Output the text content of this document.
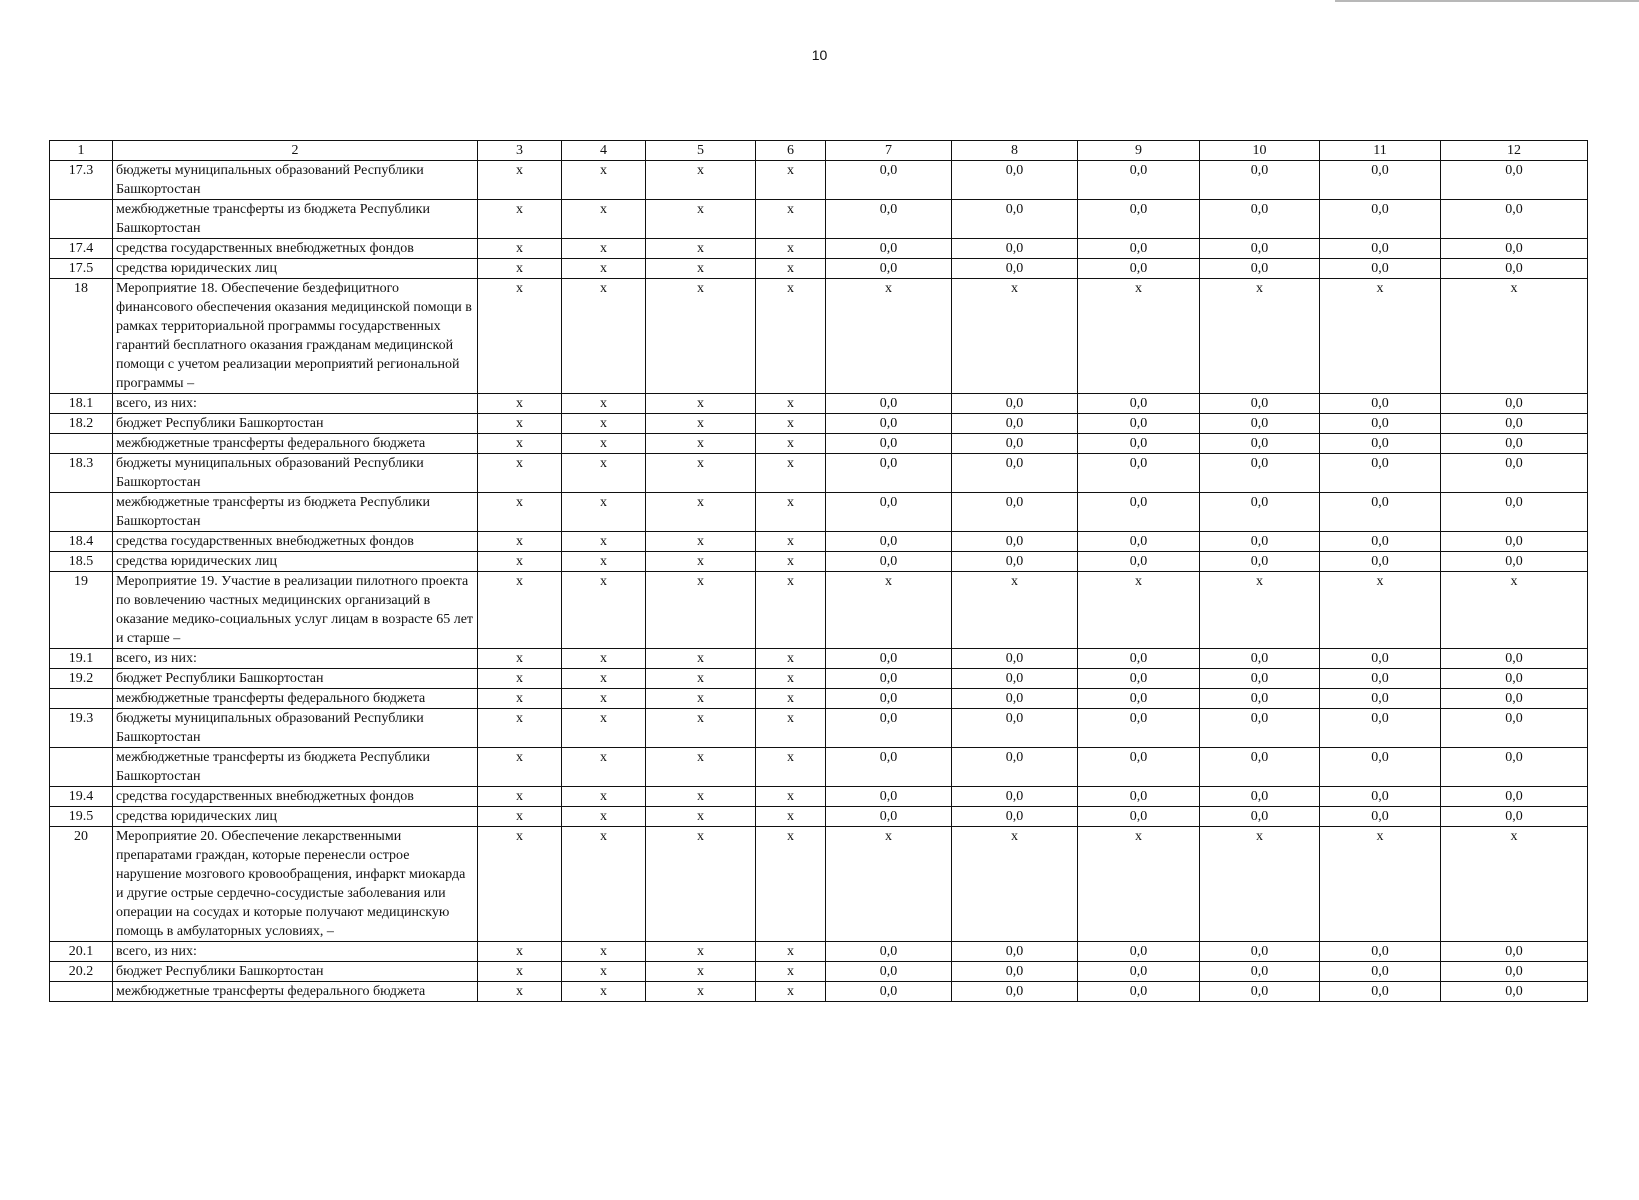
10
1	2	3	4	5	6	7	8	9	10	11	12
17.3	бюджеты муниципальных образований Республики Башкортостан	х	х	х	х	0,0	0,0	0,0	0,0	0,0	0,0
	межбюджетные трансферты из бюджета Республики Башкортостан	х	х	х	х	0,0	0,0	0,0	0,0	0,0	0,0
17.4	средства государственных внебюджетных фондов	х	х	х	х	0,0	0,0	0,0	0,0	0,0	0,0
17.5	средства юридических лиц	х	х	х	х	0,0	0,0	0,0	0,0	0,0	0,0
18	Мероприятие 18. Обеспечение бездефицитного финансового обеспечения оказания медицинской помощи в рамках территориальной программы государственных гарантий бесплатного оказания гражданам медицинской помощи с учетом реализации мероприятий региональной программы –	х	х	х	х	х	х	х	х	х	х
18.1	всего, из них:	х	х	х	х	0,0	0,0	0,0	0,0	0,0	0,0
18.2	бюджет Республики Башкортостан	х	х	х	х	0,0	0,0	0,0	0,0	0,0	0,0
	межбюджетные трансферты федерального бюджета	х	х	х	х	0,0	0,0	0,0	0,0	0,0	0,0
18.3	бюджеты муниципальных образований Республики Башкортостан	х	х	х	х	0,0	0,0	0,0	0,0	0,0	0,0
	межбюджетные трансферты из бюджета Республики Башкортостан	х	х	х	х	0,0	0,0	0,0	0,0	0,0	0,0
18.4	средства государственных внебюджетных фондов	х	х	х	х	0,0	0,0	0,0	0,0	0,0	0,0
18.5	средства юридических лиц	х	х	х	х	0,0	0,0	0,0	0,0	0,0	0,0
19	Мероприятие 19. Участие в реализации пилотного проекта по вовлечению частных медицинских организаций в оказание медико-социальных услуг лицам в возрасте 65 лет и старше –	х	х	х	х	х	х	х	х	х	х
19.1	всего, из них:	х	х	х	х	0,0	0,0	0,0	0,0	0,0	0,0
19.2	бюджет Республики Башкортостан	х	х	х	х	0,0	0,0	0,0	0,0	0,0	0,0
	межбюджетные трансферты федерального бюджета	х	х	х	х	0,0	0,0	0,0	0,0	0,0	0,0
19.3	бюджеты муниципальных образований Республики Башкортостан	х	х	х	х	0,0	0,0	0,0	0,0	0,0	0,0
	межбюджетные трансферты из бюджета Республики Башкортостан	х	х	х	х	0,0	0,0	0,0	0,0	0,0	0,0
19.4	средства государственных внебюджетных фондов	х	х	х	х	0,0	0,0	0,0	0,0	0,0	0,0
19.5	средства юридических лиц	х	х	х	х	0,0	0,0	0,0	0,0	0,0	0,0
20	Мероприятие 20. Обеспечение лекарственными препаратами граждан, которые перенесли острое нарушение мозгового кровообращения, инфаркт миокарда и другие острые сердечно-сосудистые заболевания или операции на сосудах и которые получают медицинскую помощь в амбулаторных условиях, –	х	х	х	х	х	х	х	х	х	х
20.1	всего, из них:	х	х	х	х	0,0	0,0	0,0	0,0	0,0	0,0
20.2	бюджет Республики Башкортостан	х	х	х	х	0,0	0,0	0,0	0,0	0,0	0,0
	межбюджетные трансферты федерального бюджета	х	х	х	х	0,0	0,0	0,0	0,0	0,0	0,0
